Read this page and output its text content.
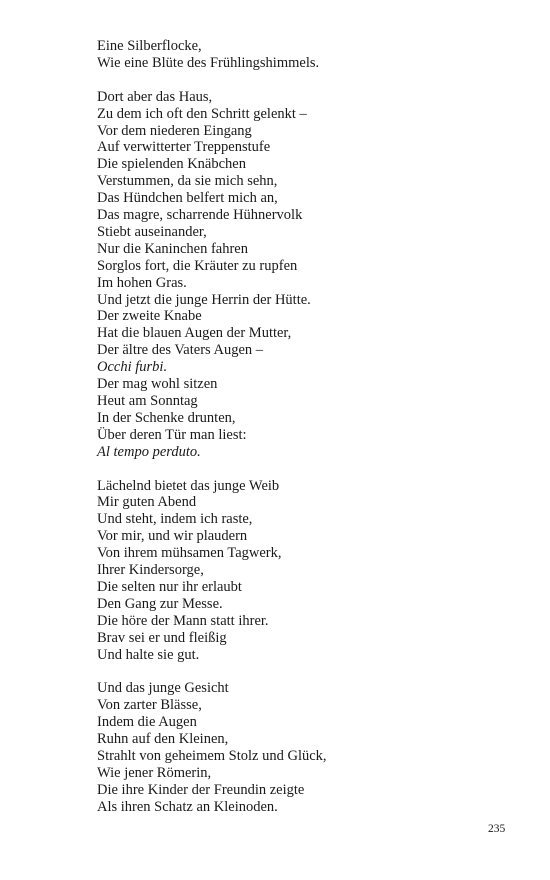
Eine Silberflocke,
Wie eine Blüte des Frühlingshimmels.
Dort aber das Haus,
Zu dem ich oft den Schritt gelenkt –
Vor dem niederen Eingang
Auf verwitterter Treppenstufe
Die spielenden Knäbchen
Verstummen, da sie mich sehn,
Das Hündchen belfert mich an,
Das magre, scharrende Hühnervolk
Stiebt auseinander,
Nur die Kaninchen fahren
Sorglos fort, die Kräuter zu rupfen
Im hohen Gras.
Und jetzt die junge Herrin der Hütte.
Der zweite Knabe
Hat die blauen Augen der Mutter,
Der ältre des Vaters Augen –
Occhi furbi.
Der mag wohl sitzen
Heut am Sonntag
In der Schenke drunten,
Über deren Tür man liest:
Al tempo perduto.
Lächelnd bietet das junge Weib
Mir guten Abend
Und steht, indem ich raste,
Vor mir, und wir plaudern
Von ihrem mühsamen Tagwerk,
Ihrer Kindersorge,
Die selten nur ihr erlaubt
Den Gang zur Messe.
Die höre der Mann statt ihrer.
Brav sei er und fleißig
Und halte sie gut.
Und das junge Gesicht
Von zarter Blässe,
Indem die Augen
Ruhn auf den Kleinen,
Strahlt von geheimem Stolz und Glück,
Wie jener Römerin,
Die ihre Kinder der Freundin zeigte
Als ihren Schatz an Kleinoden.
235
